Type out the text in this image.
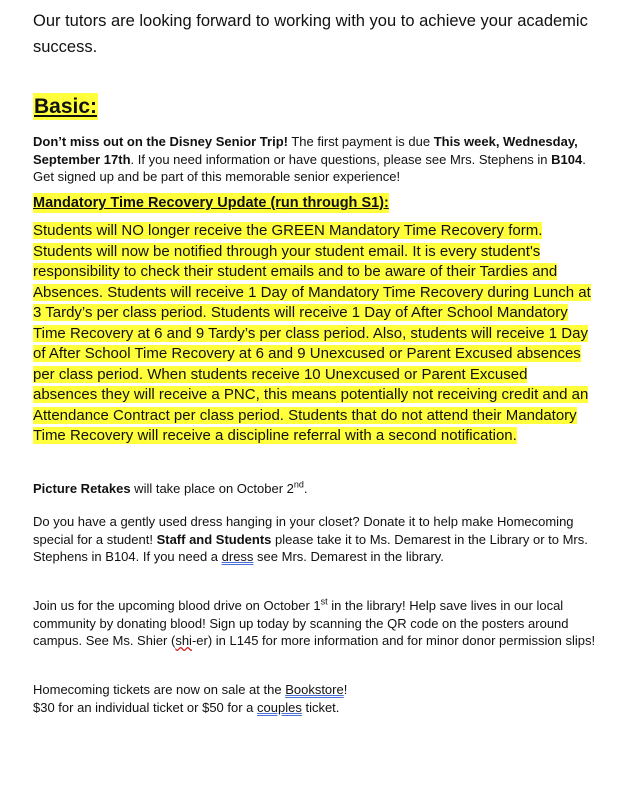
Our tutors are looking forward to working with you to achieve your academic success.
Basic:
Don’t miss out on the Disney Senior Trip! The first payment is due This week, Wednesday, September 17th. If you need information or have questions, please see Mrs. Stephens in B104. Get signed up and be part of this memorable senior experience!
Mandatory Time Recovery Update (run through S1):
Students will NO longer receive the GREEN Mandatory Time Recovery form. Students will now be notified through your student email. It is every student's responsibility to check their student emails and to be aware of their Tardies and Absences. Students will receive 1 Day of Mandatory Time Recovery during Lunch at 3 Tardy’s per class period. Students will receive 1 Day of After School Mandatory Time Recovery at 6 and 9 Tardy’s per class period. Also, students will receive 1 Day of After School Time Recovery at 6 and 9 Unexcused or Parent Excused absences per class period. When students receive 10 Unexcused or Parent Excused absences they will receive a PNC, this means potentially not receiving credit and an Attendance Contract per class period. Students that do not attend their Mandatory Time Recovery will receive a discipline referral with a second notification.
Picture Retakes will take place on October 2nd.
Do you have a gently used dress hanging in your closet? Donate it to help make Homecoming special for a student! Staff and Students please take it to Ms. Demarest in the Library or to Mrs. Stephens in B104. If you need a dress see Mrs. Demarest in the library.
Join us for the upcoming blood drive on October 1st in the library! Help save lives in our local community by donating blood! Sign up today by scanning the QR code on the posters around campus. See Ms. Shier (shi-er) in L145 for more information and for minor donor permission slips!
Homecoming tickets are now on sale at the Bookstore!
$30 for an individual ticket or $50 for a couples ticket.
